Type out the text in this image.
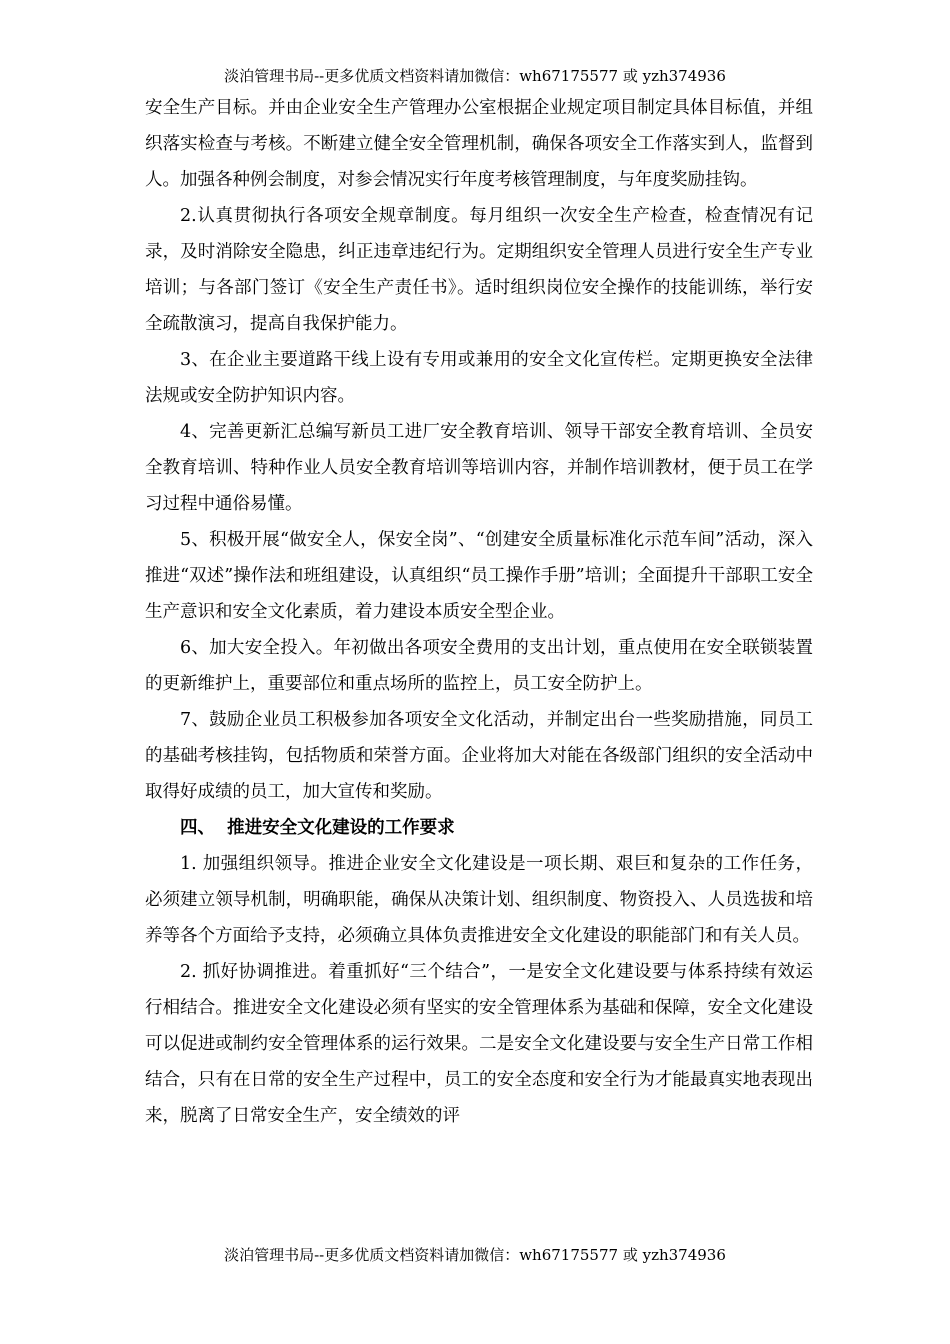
淡泊管理书局--更多优质文档资料请加微信：wh67175577 或 yzh374936

安全生产目标。并由企业安全生产管理办公室根据企业规定项目制定具体目标值，并组织落实检查与考核。不断建立健全安全管理机制，确保各项安全工作落实到人，监督到人。加强各种例会制度，对参会情况实行年度考核管理制度，与年度奖励挂钩。

2.认真贯彻执行各项安全规章制度。每月组织一次安全生产检查，检查情况有记录，及时消除安全隐患，纠正违章违纪行为。定期组织安全管理人员进行安全生产专业培训；与各部门签订《安全生产责任书》。适时组织岗位安全操作的技能训练，举行安全疏散演习，提高自我保护能力。

3、在企业主要道路干线上设有专用或兼用的安全文化宣传栏。定期更换安全法律法规或安全防护知识内容。

4、完善更新汇总编写新员工进厂安全教育培训、领导干部安全教育培训、全员安全教育培训、特种作业人员安全教育培训等培训内容，并制作培训教材，便于员工在学习过程中通俗易懂。

5、积极开展“做安全人，保安全岗”、“创建安全质量标准化示范车间”活动，深入推进“双述”操作法和班组建设，认真组织“员工操作手册”培训；全面提升干部职工安全生产意识和安全文化素质，着力建设本质安全型企业。

6、加大安全投入。年初做出各项安全费用的支出计划，重点使用在安全联锁装置的更新维护上，重要部位和重点场所的监控上，员工安全防护上。

7、鼓励企业员工积极参加各项安全文化活动，并制定出台一些奖励措施，同员工的基础考核挂钩，包括物质和荣誉方面。企业将加大对能在各级部门组织的安全活动中取得好成绩的员工，加大宣传和奖励。

四、  推进安全文化建设的工作要求

1. 加强组织领导。推进企业安全文化建设是一项长期、艰巨和复杂的工作任务，必须建立领导机制，明确职能，确保从决策计划、组织制度、物资投入、人员选拔和培养等各个方面给予支持，必须确立具体负责推进安全文化建设的职能部门和有关人员。

2. 抓好协调推进。着重抓好“三个结合”，一是安全文化建设要与体系持续有效运行相结合。推进安全文化建设必须有坚实的安全管理体系为基础和保障，安全文化建设可以促进或制约安全管理体系的运行效果。二是安全文化建设要与安全生产日常工作相结合，只有在日常的安全生产过程中，员工的安全态度和安全行为才能最真实地表现出来，脱离了日常安全生产，安全绩效的评

淡泊管理书局--更多优质文档资料请加微信：wh67175577 或 yzh374936
